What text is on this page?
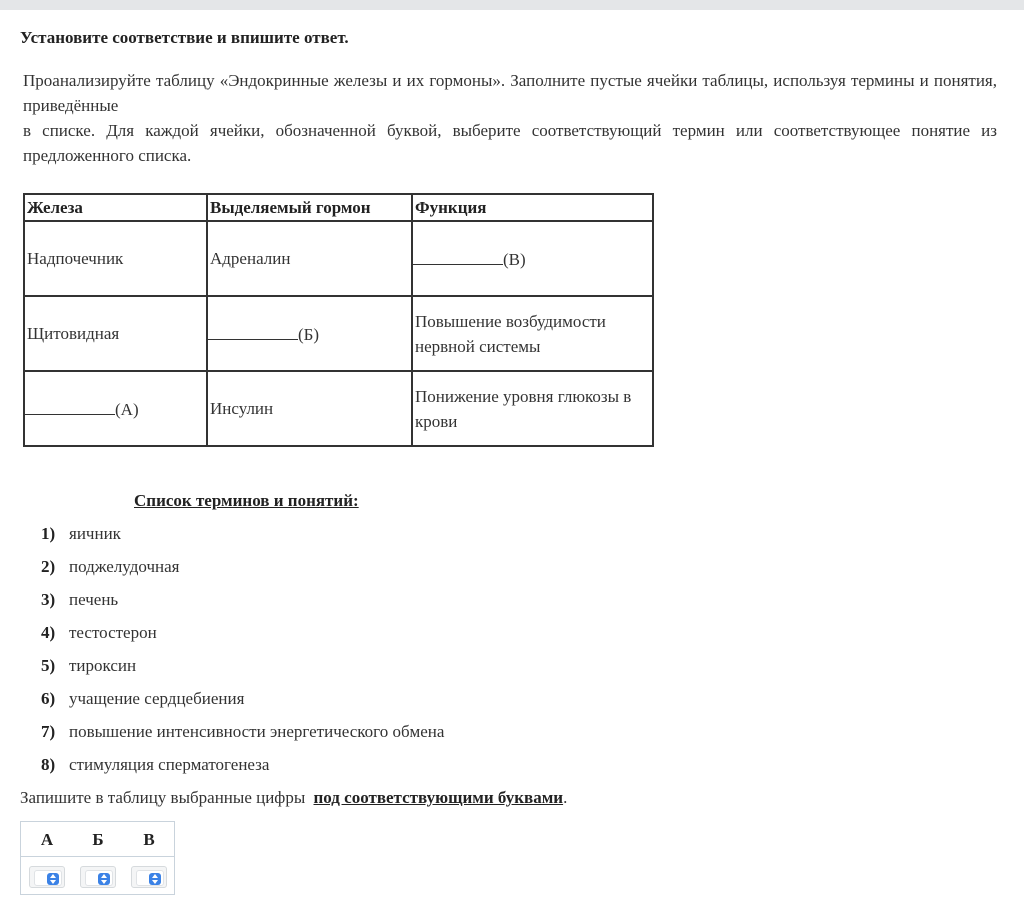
Установите соответствие и впишите ответ.

Проанализируйте таблицу «Эндокринные железы и их гормоны». Заполните пустые ячейки таблицы, используя термины и понятия, приведённые

в списке. Для каждой ячейки, обозначенной буквой, выберите соответствующий термин или соответствующее понятие из предложенного списка.

Железа	Выделяемый гормон	Функция
Надпочечник	Адреналин	(В)
Щитовидная	(Б)	Повышение возбудимости нервной системы
(А)	Инсулин	Понижение уровня глюкозы в крови
Список терминов и понятий:
1) яичник
2) поджелудочная
3) печень
4) тестостерон
5) тироксин
6) учащение сердцебиения
7) повышение интенсивности энергетического обмена
8) стимуляция сперматогенеза
Запишите в таблицу выбранные цифры под соответствующими буквами.
А Б В
